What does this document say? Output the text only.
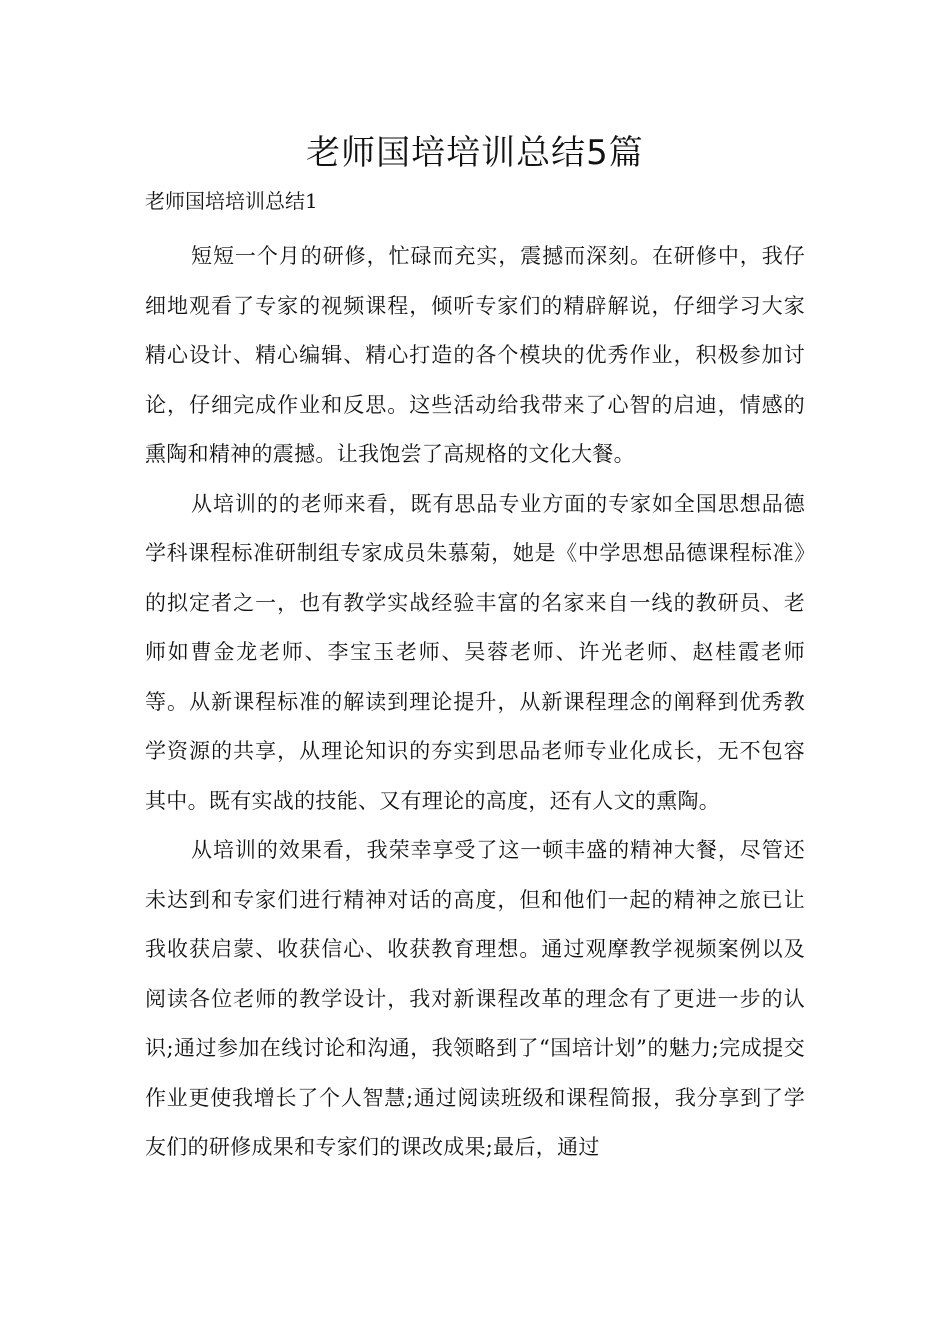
老师国培培训总结5篇
老师国培培训总结1

短短一个月的研修，忙碌而充实，震撼而深刻。在研修中，我仔细地观看了专家的视频课程，倾听专家们的精辟解说，仔细学习大家精心设计、精心编辑、精心打造的各个模块的优秀作业，积极参加讨论，仔细完成作业和反思。这些活动给我带来了心智的启迪，情感的熏陶和精神的震撼。让我饱尝了高规格的文化大餐。

从培训的的老师来看，既有思品专业方面的专家如全国思想品德学科课程标准研制组专家成员朱慕菊，她是《中学思想品德课程标准》的拟定者之一，也有教学实战经验丰富的名家来自一线的教研员、老师如曹金龙老师、李宝玉老师、吴蓉老师、许光老师、赵桂霞老师等。从新课程标准的解读到理论提升，从新课程理念的阐释到优秀教学资源的共享，从理论知识的夯实到思品老师专业化成长，无不包容其中。既有实战的技能、又有理论的高度，还有人文的熏陶。

从培训的效果看，我荣幸享受了这一顿丰盛的精神大餐，尽管还未达到和专家们进行精神对话的高度，但和他们一起的精神之旅已让我收获启蒙、收获信心、收获教育理想。通过观摩教学视频案例以及阅读各位老师的教学设计，我对新课程改革的理念有了更进一步的认识;通过参加在线讨论和沟通，我领略到了“国培计划”的魅力;完成提交作业更使我增长了个人智慧;通过阅读班级和课程简报，我分享到了学友们的研修成果和专家们的课改成果;最后，通过
